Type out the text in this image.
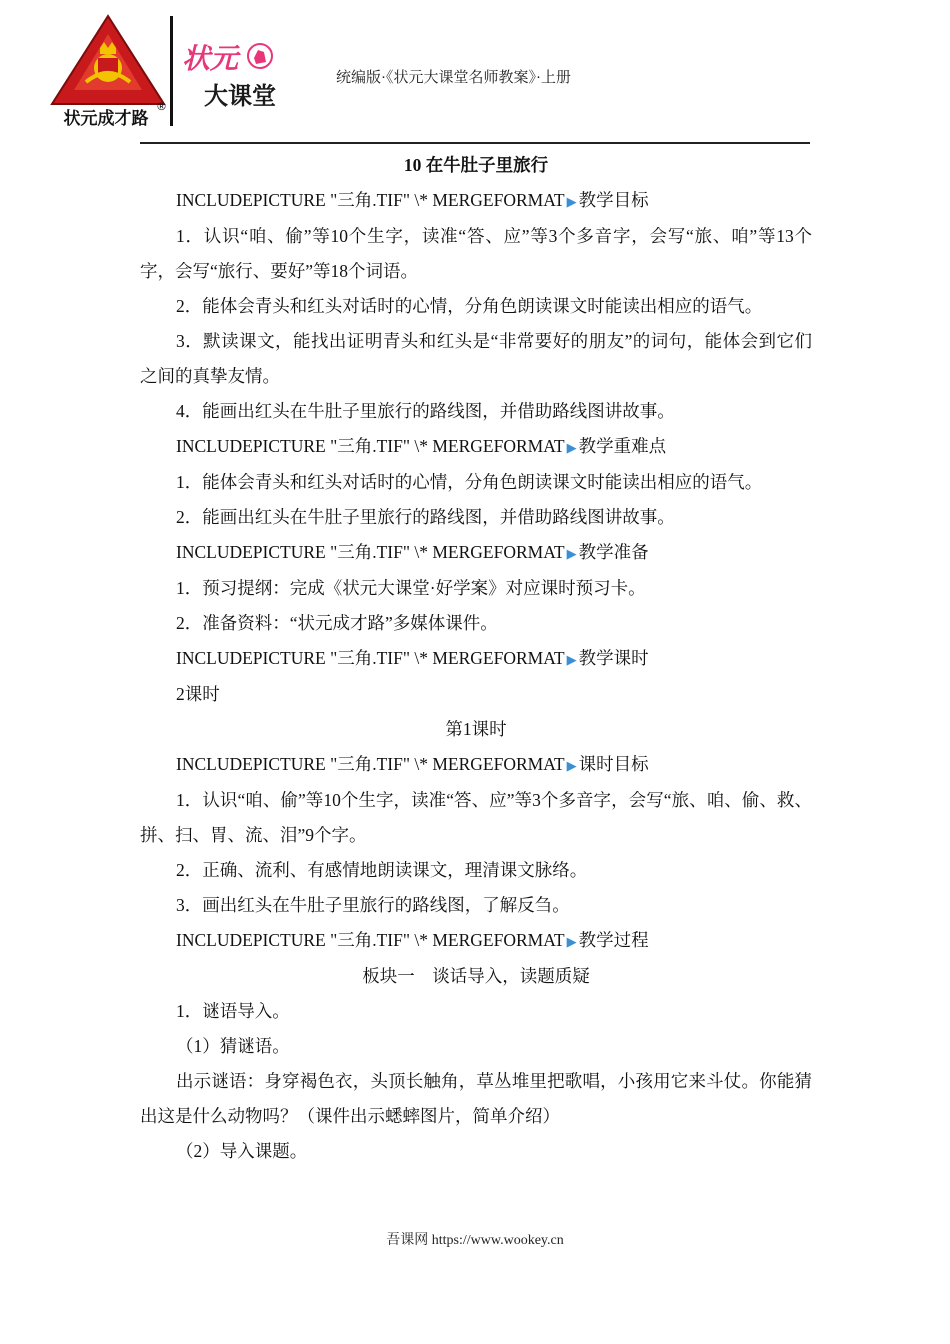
状元成才路
®
状元
大课堂
统编版·《状元大课堂名师教案》·上册

10 在牛肚子里旅行

INCLUDEPICTURE "三角.TIF" \* MERGEFORMAT ▶ 教学目标

1．认识“咱、偷”等10个生字，读准“答、应”等3个多音字，会写“旅、咱”等13个字，会写“旅行、要好”等18个词语。

2．能体会青头和红头对话时的心情，分角色朗读课文时能读出相应的语气。

3．默读课文，能找出证明青头和红头是“非常要好的朋友”的词句，能体会到它们之间的真挚友情。

4．能画出红头在牛肚子里旅行的路线图，并借助路线图讲故事。

INCLUDEPICTURE "三角.TIF" \* MERGEFORMAT ▶ 教学重难点

1．能体会青头和红头对话时的心情，分角色朗读课文时能读出相应的语气。

2．能画出红头在牛肚子里旅行的路线图，并借助路线图讲故事。

INCLUDEPICTURE "三角.TIF" \* MERGEFORMAT ▶ 教学准备

1．预习提纲：完成《状元大课堂·好学案》对应课时预习卡。

2．准备资料：“状元成才路”多媒体课件。

INCLUDEPICTURE "三角.TIF" \* MERGEFORMAT ▶ 教学课时

2课时

第1课时

INCLUDEPICTURE "三角.TIF" \* MERGEFORMAT ▶ 课时目标

1．认识“咱、偷”等10个生字，读准“答、应”等3个多音字，会写“旅、咱、偷、救、拼、扫、胃、流、泪”9个字。

2．正确、流利、有感情地朗读课文，理清课文脉络。

3．画出红头在牛肚子里旅行的路线图，了解反刍。

INCLUDEPICTURE "三角.TIF" \* MERGEFORMAT ▶ 教学过程

板块一　谈话导入，读题质疑

1．谜语导入。

（1）猜谜语。

出示谜语：身穿褐色衣，头顶长触角，草丛堆里把歌唱，小孩用它来斗仗。你能猜出这是什么动物吗？（课件出示蟋蟀图片，简单介绍）

（2）导入课题。

吾课网 https://www.wookey.cn
